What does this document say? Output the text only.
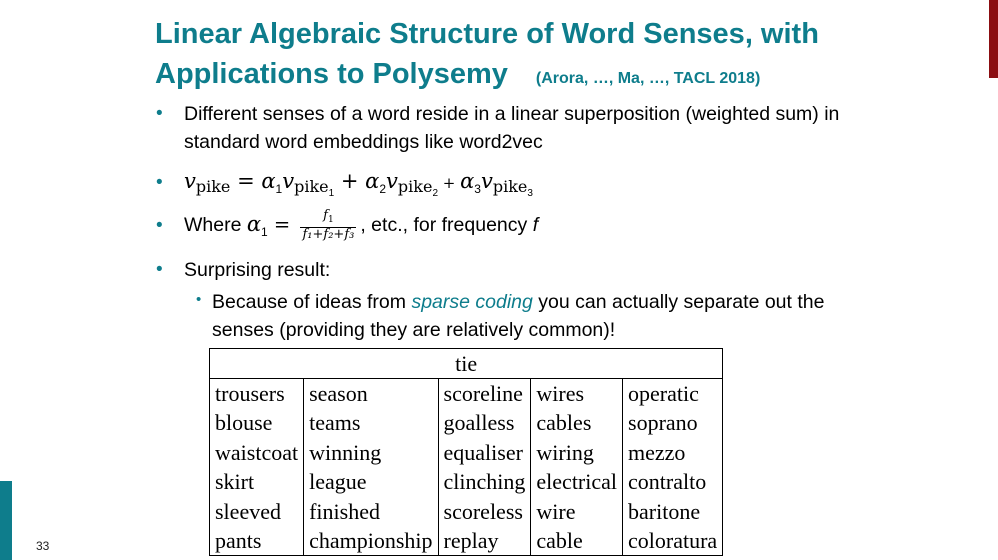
33
Linear Algebraic Structure of Word Senses, with
Applications to Polysemy (Arora, …, Ma, …, TACL 2018)
• Different senses of a word reside in a linear superposition (weighted sum) in standard word embeddings like word2vec
• $v_{pike}$ = $\alpha_1vpike_1$ + $\alpha_2vpike_2$ + $\alpha_3vpike_3$
• Where $\alpha_1 = \frac{f_1}{\text{f₁+f₂+f₃}}$ , etc., for frequency f
• Surprising result:
• Because of ideas from sparse coding you can actually separate out the senses (providing they are relatively common)!
tie				
trousers	season	scoreline	wires	operatic
blouse	teams	goalless	cables	soprano
waistcoat	winning	equaliser	wiring	mezzo
skirt	league	clinching	electrical	contralto
sleeved	finished	scoreless	wire	baritone
pants	championship	replay	cable	coloratura
